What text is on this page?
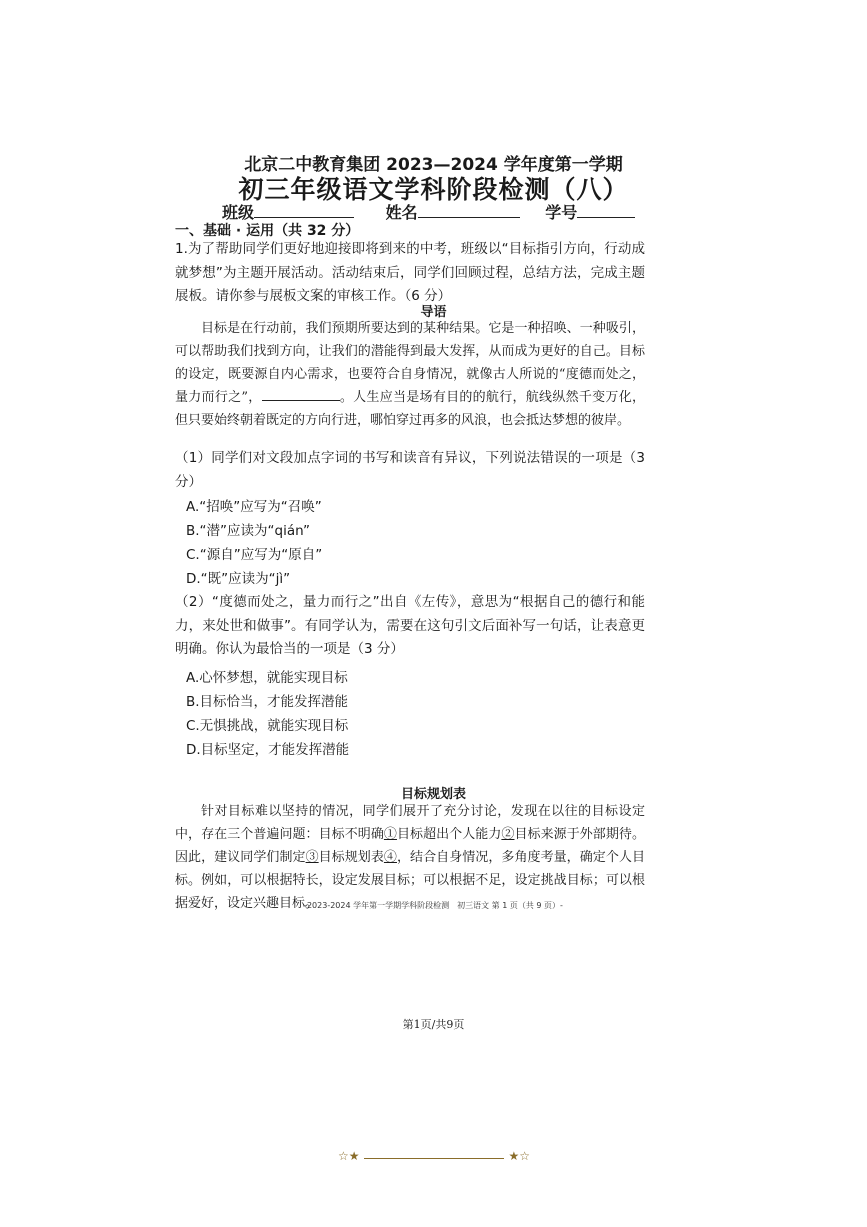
北京二中教育集团 2023—2024 学年度第一学期
初三年级语文学科阶段检测（八）
班级	姓名	学号
一、基础 · 运用（共 32 分）
1.为了帮助同学们更好地迎接即将到来的中考，班级以“目标指引方向，行动成就梦想”为主题开展活动。活动结束后，同学们回顾过程，总结方法，完成主题展板。请你参与展板文案的审核工作。（6 分）
导语
目标是在行动前，我们预期所要达到的某种结果。它是一种招唤、一种吸引，可以帮助我们找到方向，让我们的潜能得到最大发挥，从而成为更好的自己。目标的设定，既要源自内心需求，也要符合自身情况，就像古人所说的“度德而处之，量力而行之”，	。人生应当是场有目的的航行，航线纵然千变万化，但只要始终朝着既定的方向行进，哪怕穿过再多的风浪，也会抵达梦想的彼岸。
（1）同学们对文段加点字词的书写和读音有异议，下列说法错误的一项是（3 分）
A.“招唤”应写为“召唤”
B.“潜”应读为“qián”
C.“源自”应写为“原自”
D.“既”应读为“jì”
（2）“度德而处之，量力而行之”出自《左传》，意思为“根据自己的德行和能力，来处世和做事”。有同学认为，需要在这句引文后面补写一句话，让表意更明确。你认为最恰当的一项是（3 分）
A.心怀梦想，就能实现目标
B.目标恰当，才能发挥潜能
C.无惧挑战，就能实现目标
D.目标坚定，才能发挥潜能
目标规划表
针对目标难以坚持的情况，同学们展开了充分讨论，发现在以往的目标设定中，存在三个普遍问题：目标不明确①目标超出个人能力②目标来源于外部期待。因此，建议同学们制定③目标规划表④，结合自身情况，多角度考量，确定个人目标。例如，可以根据特长，设定发展目标；可以根据不足，设定挑战目标；可以根据爱好，设定兴趣目标。
-2023-2024 学年第一学期学科阶段检测　初三语文 第 1 页（共 9 页）-
第1页/共9页
☆★	★☆
